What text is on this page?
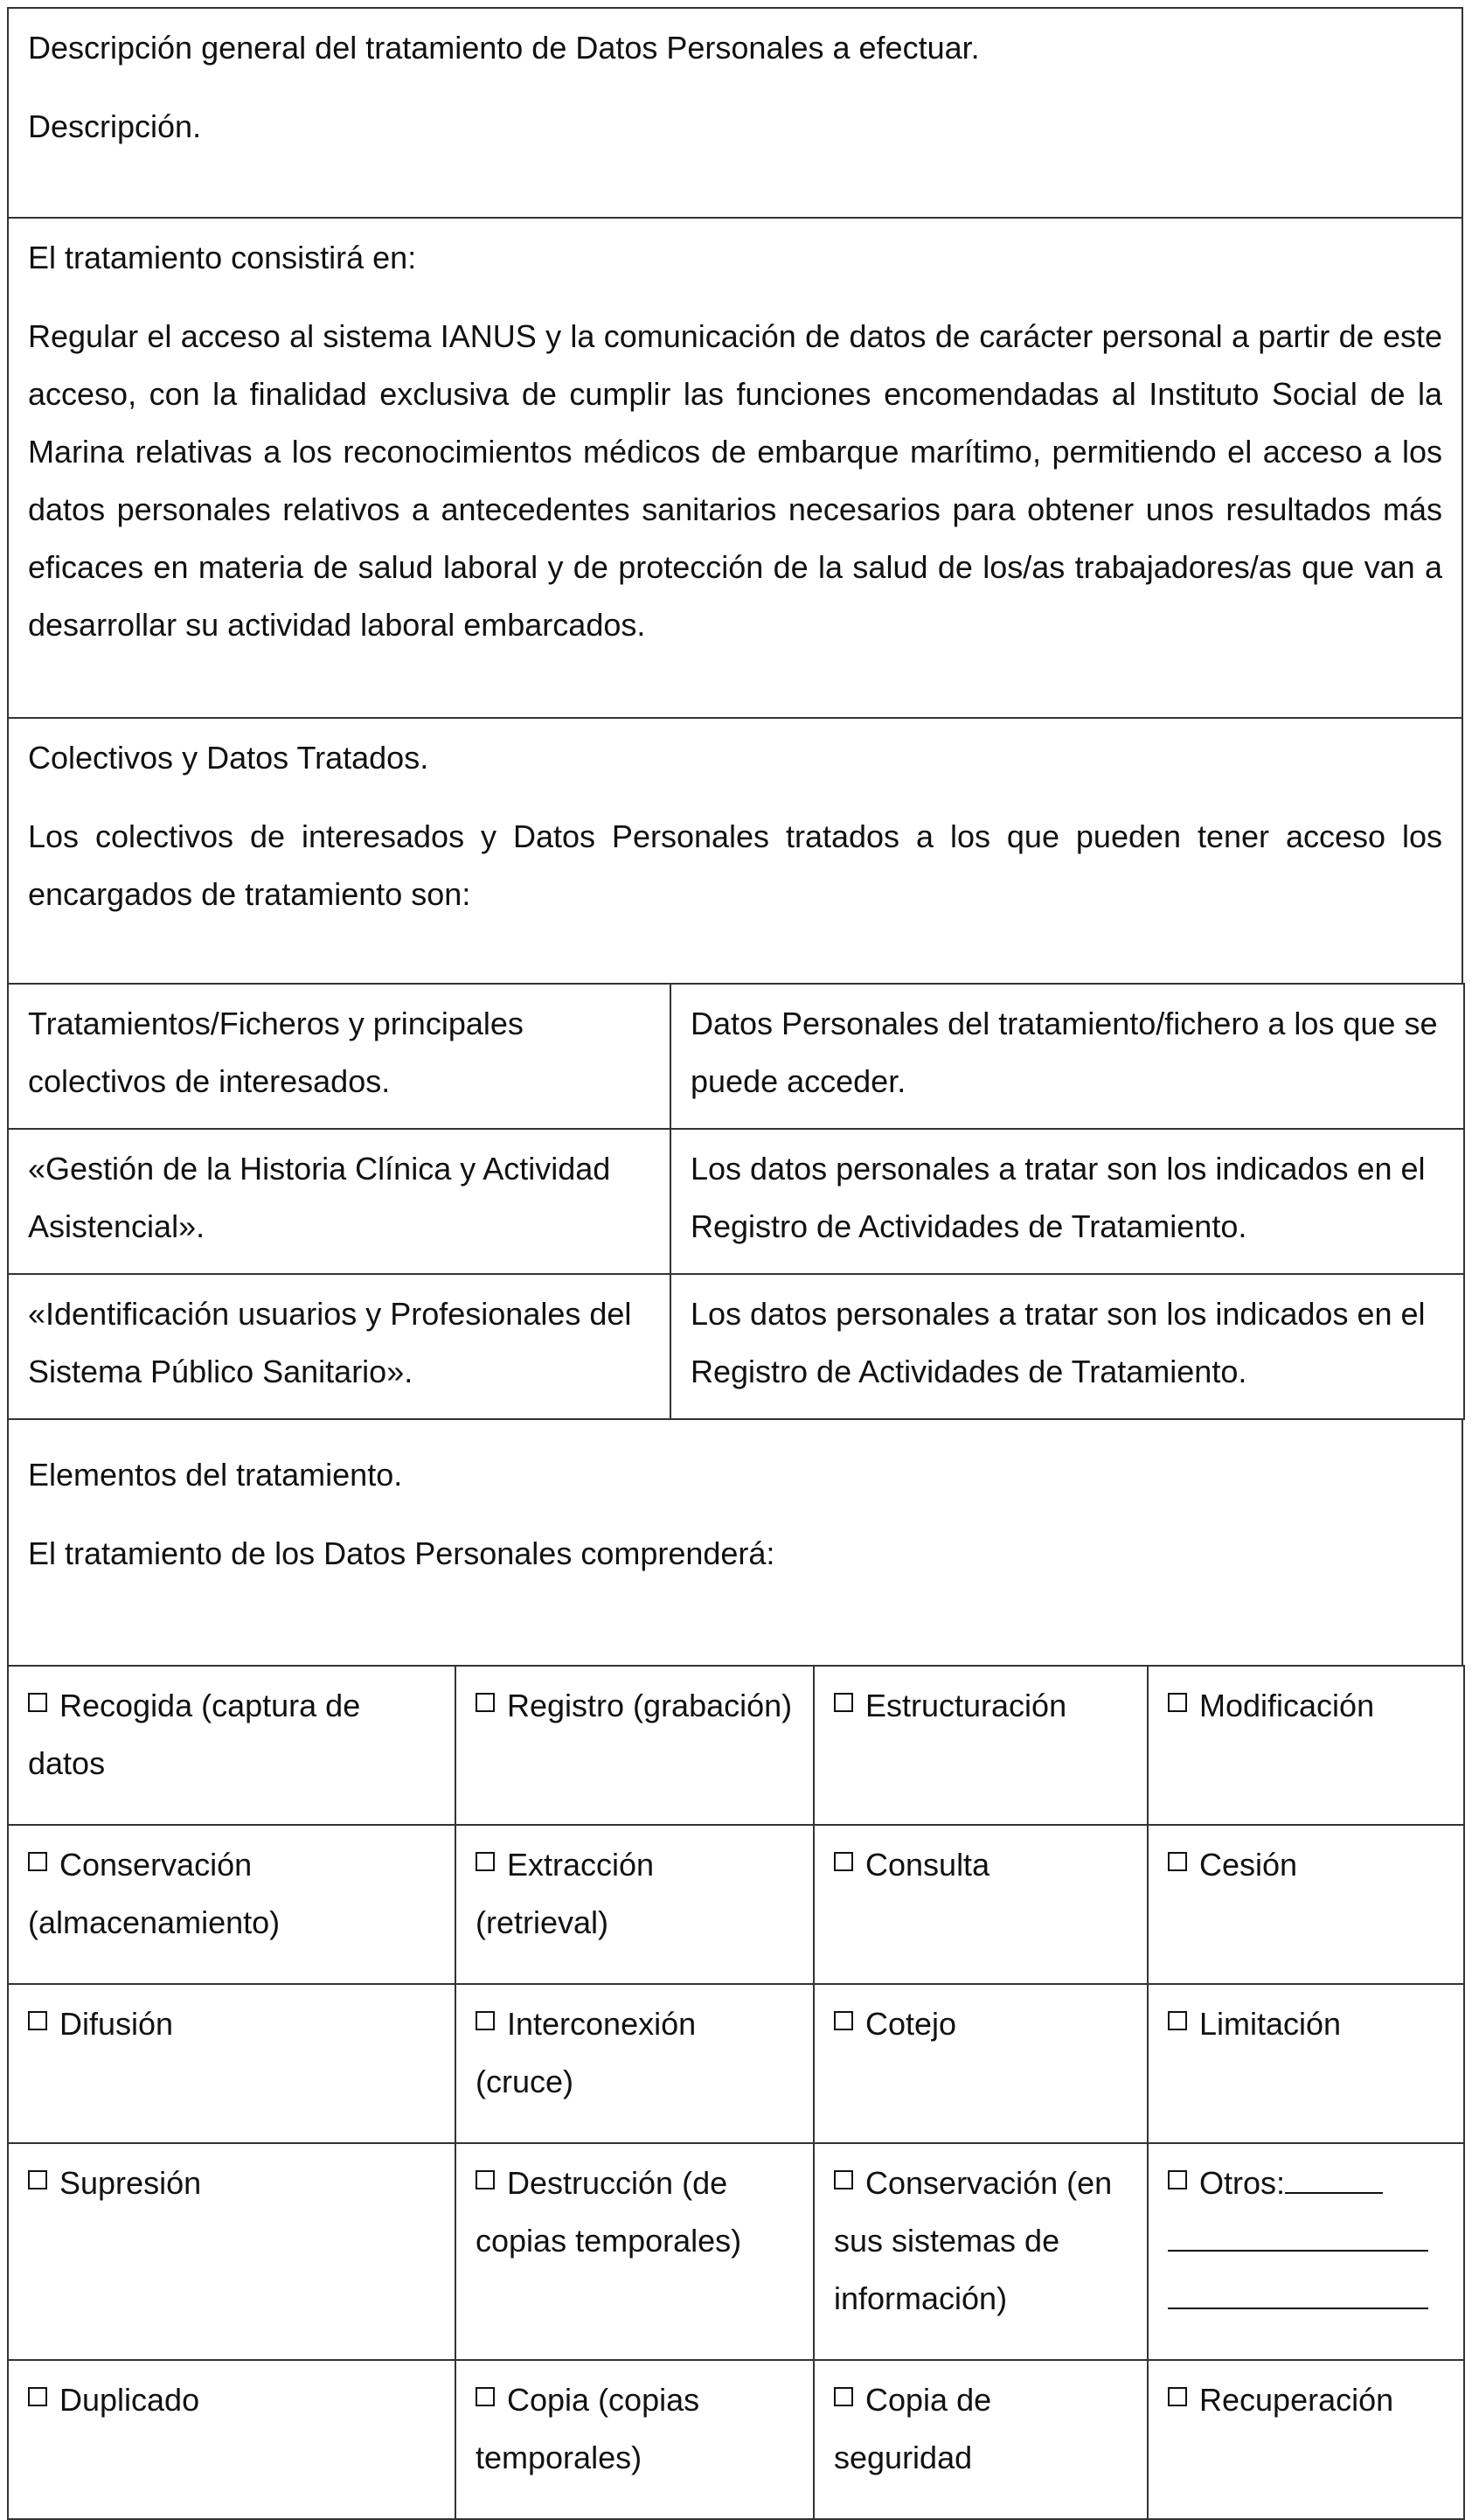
Descripción general del tratamiento de Datos Personales a efectuar.

Descripción.

El tratamiento consistirá en:

Regular el acceso al sistema IANUS y la comunicación de datos de carácter personal a partir de este acceso, con la finalidad exclusiva de cumplir las funciones encomendadas al Instituto Social de la Marina relativas a los reconocimientos médicos de embarque marítimo, permitiendo el acceso a los datos personales relativos a antecedentes sanitarios necesarios para obtener unos resultados más eficaces en materia de salud laboral y de protección de la salud de los/as trabajadores/as que van a desarrollar su actividad laboral embarcados.

Colectivos y Datos Tratados.

Los colectivos de interesados y Datos Personales tratados a los que pueden tener acceso los encargados de tratamiento son:

Tratamientos/Ficheros y principales colectivos de interesados.	Datos Personales del tratamiento/fichero a los que se puede acceder.
«Gestión de la Historia Clínica y Actividad Asistencial».	Los datos personales a tratar son los indicados en el Registro de Actividades de Tratamiento.
«Identificación usuarios y Profesionales del Sistema Público Sanitario».	Los datos personales a tratar son los indicados en el Registro de Actividades de Tratamiento.

Elementos del tratamiento.

El tratamiento de los Datos Personales comprenderá:

Recogida (captura de datos	Registro (grabación)	Estructuración	Modificación
Conservación (almacenamiento)	Extracción (retrieval)	Consulta	Cesión
Difusión	Interconexión (cruce)	Cotejo	Limitación
Supresión	Destrucción (de copias temporales)	Conservación (en sus sistemas de información)	Otros:

Duplicado	Copia (copias temporales)	Copia de seguridad	Recuperación
